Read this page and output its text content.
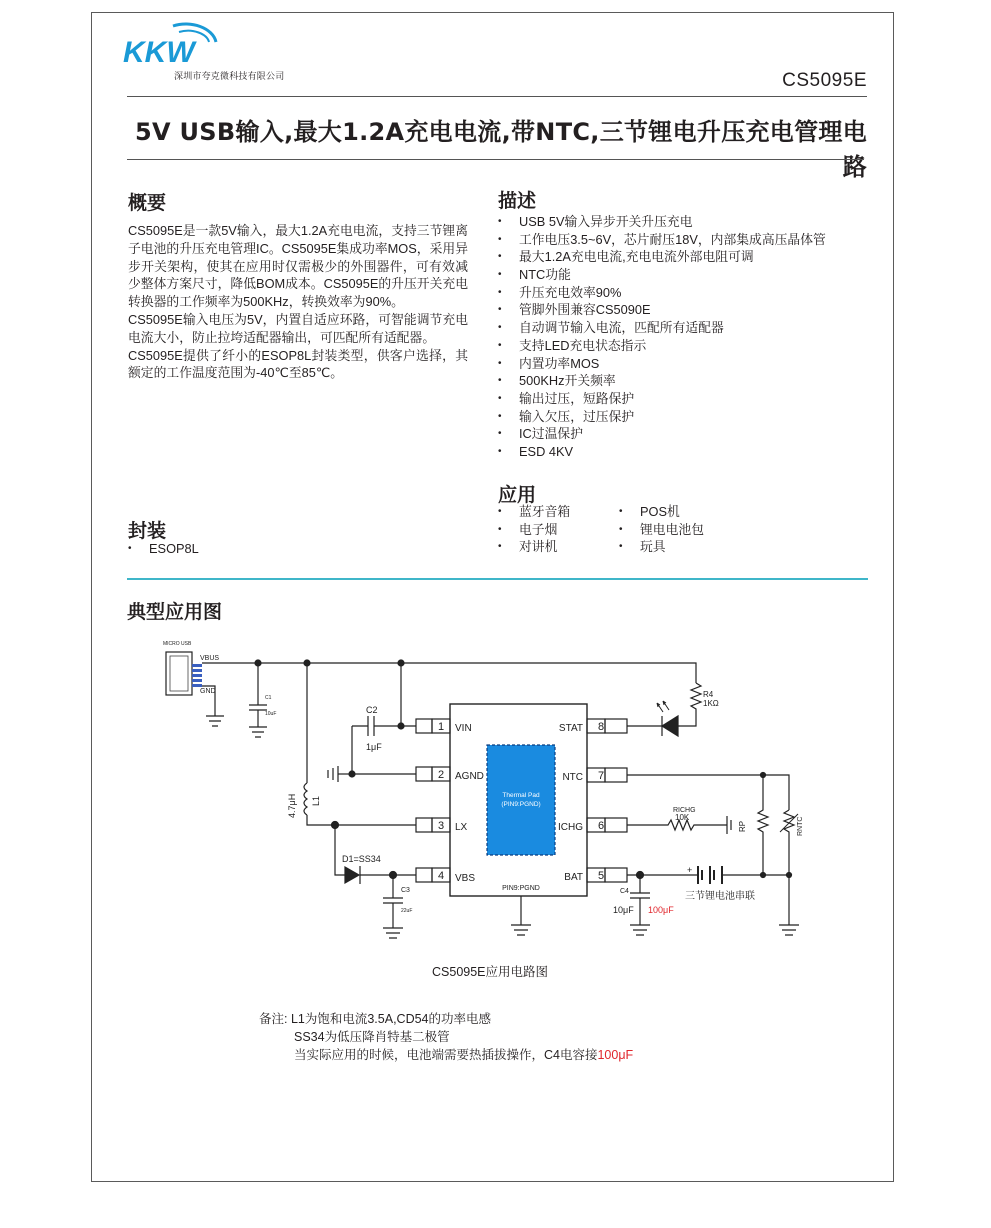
KKW
深圳市夸克微科技有限公司	CS5095E
5V USB输入,最大1.2A充电电流,带NTC,三节锂电升压充电管理电路
概要

CS5095E是一款5V输入，最大1.2A充电电流，支持三节锂离子电池的升压充电管理IC。CS5095E集成功率MOS，采用异步开关架构，使其在应用时仅需极少的外围器件，可有效减少整体方案尺寸，降低BOM成本。CS5095E的升压开关充电转换器的工作频率为500KHz，转换效率为90%。

CS5095E输入电压为5V，内置自适应环路，可智能调节充电电流大小，防止拉垮适配器输出，可匹配所有适配器。

CS5095E提供了纤小的ESOP8L封装类型，供客户选择，其额定的工作温度范围为-40℃至85℃。

描述
• USB 5V输入异步开关升压充电
• 工作电压3.5~6V，芯片耐压18V，内部集成高压晶体管
• 最大1.2A充电电流,充电电流外部电阻可调
• NTC功能
• 升压充电效率90%
• 管脚外围兼容CS5090E
• 自动调节输入电流，匹配所有适配器
• 支持LED充电状态指示
• 内置功率MOS
• 500KHz开关频率
• 输出过压，短路保护
• 输入欠压，过压保护
• IC过温保护
• ESD 4KV
应用
• 蓝牙音箱
• 电子烟
• 对讲机
• POS机
• 锂电电池包
• 玩具
封装
• ESOP8L
典型应用图
MICRO USB
VBUS
GND
C1
10uF	C2
1μF
4.7μH L1
D1=SS34
C3
22uF
Thermal Pad
(PIN9:PGND)
PIN9:PGND
1 VIN
2 AGND
3 LX
4 VBS
8
STAT
7
NTC
6
ICHG
5
BAT
R4
1KΩ
RP	RNTC
RICHG
10K
C4
10μF 100μF
+
三节锂电池串联
CS5095E应用电路图
备注: L1为饱和电流3.5A,CD54的功率电感
SS34为低压降肖特基二极管
当实际应用的时候，电池端需要热插拔操作，C4电容接100μF
